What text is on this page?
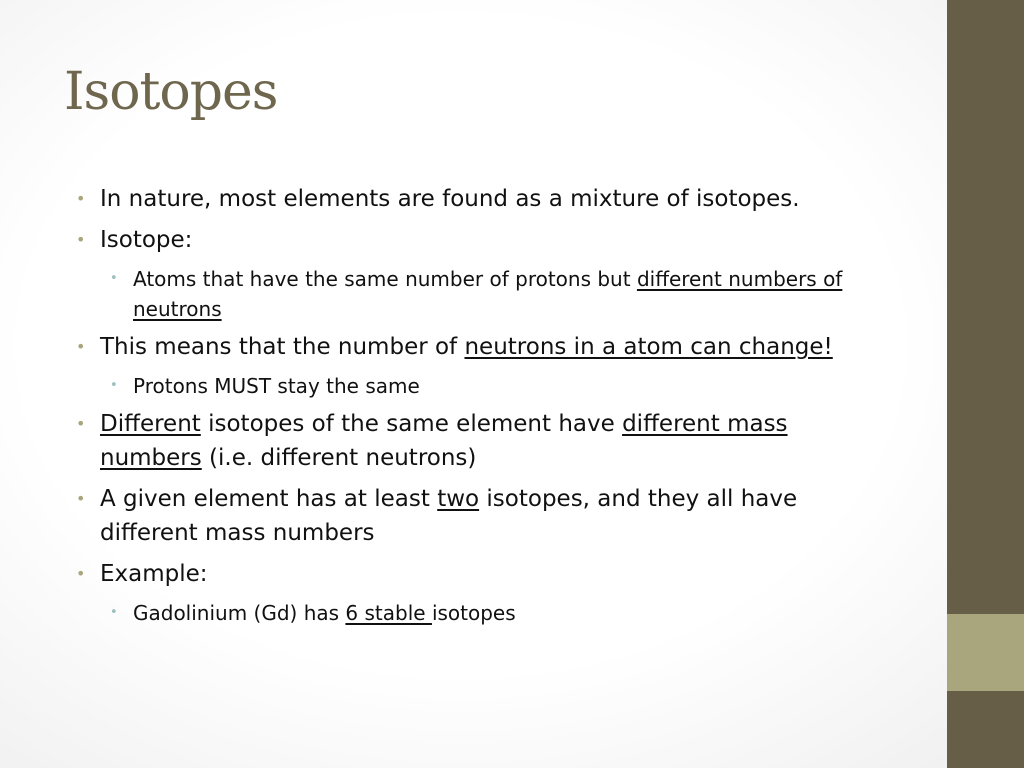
Isotopes
• In nature, most elements are found as a mixture of isotopes.
• Isotope:
• Atoms that have the same number of protons but different numbers of neutrons
• This means that the number of neutrons in a atom can change!
• Protons MUST stay the same
• Different isotopes of the same element have different mass numbers (i.e. different neutrons)
• A given element has at least two isotopes, and they all have different mass numbers
• Example:
• Gadolinium (Gd) has 6 stable isotopes
